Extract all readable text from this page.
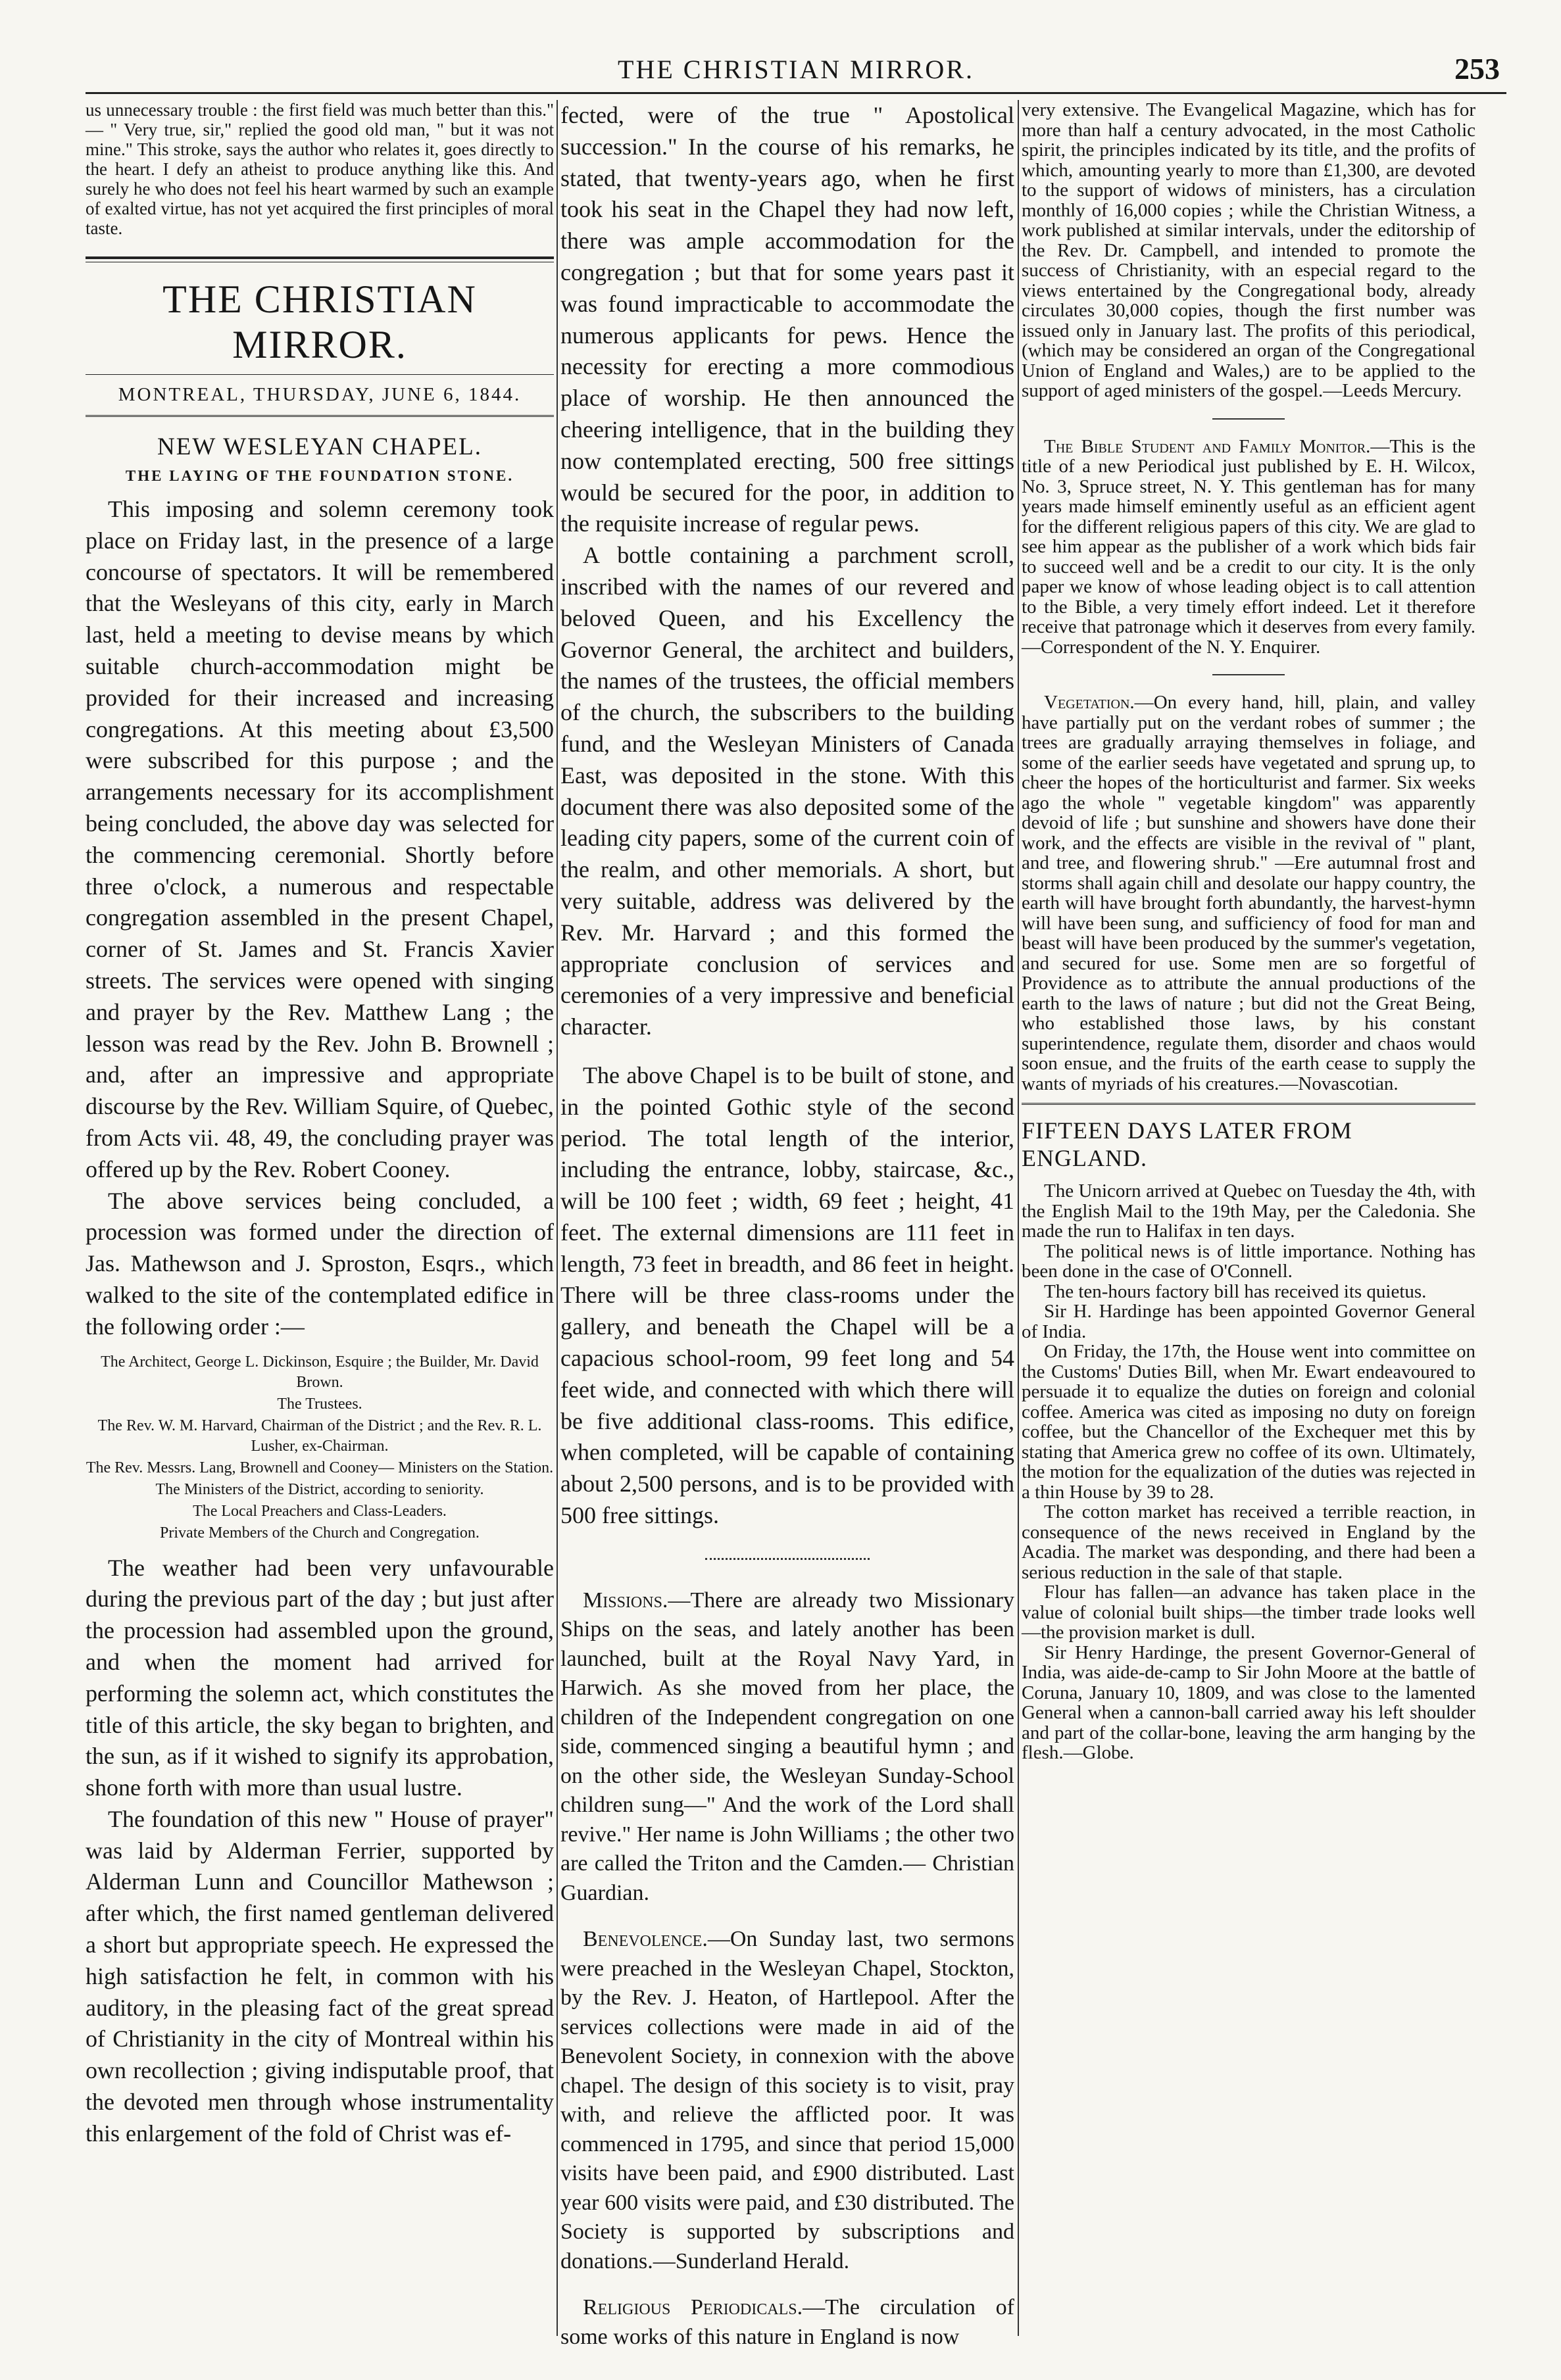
THE CHRISTIAN MIRROR.	253

us unnecessary trouble : the first field was much better than this." — " Very true, sir," replied the good old man, " but it was not mine." This stroke, says the author who relates it, goes directly to the heart. I defy an atheist to produce anything like this. And surely he who does not feel his heart warmed by such an example of exalted virtue, has not yet acquired the first principles of moral taste.

THE CHRISTIAN MIRROR.
MONTREAL, THURSDAY, JUNE 6, 1844.
NEW WESLEYAN CHAPEL.
THE LAYING OF THE FOUNDATION STONE.

This imposing and solemn ceremony took place on Friday last, in the presence of a large concourse of spectators. It will be remembered that the Wesleyans of this city, early in March last, held a meeting to devise means by which suitable church-accommodation might be provided for their increased and increasing congregations. At this meeting about £3,500 were subscribed for this purpose ; and the arrangements necessary for its accomplishment being concluded, the above day was selected for the commencing ceremonial. Shortly before three o'clock, a numerous and respectable congregation assembled in the present Chapel, corner of St. James and St. Francis Xavier streets. The services were opened with singing and prayer by the Rev. Matthew Lang ; the lesson was read by the Rev. John B. Brownell ; and, after an impressive and appropriate discourse by the Rev. William Squire, of Quebec, from Acts vii. 48, 49, the concluding prayer was offered up by the Rev. Robert Cooney.

The above services being concluded, a procession was formed under the direction of Jas. Mathewson and J. Sproston, Esqrs., which walked to the site of the contemplated edifice in the following order :—

The Architect, George L. Dickinson, Esquire ; the Builder, Mr. David Brown.
The Trustees.
The Rev. W. M. Harvard, Chairman of the District ; and the Rev. R. L. Lusher, ex-Chairman.
The Rev. Messrs. Lang, Brownell and Cooney— Ministers on the Station.
The Ministers of the District, according to seniority.
The Local Preachers and Class-Leaders.
Private Members of the Church and Congregation.

The weather had been very unfavourable during the previous part of the day ; but just after the procession had assembled upon the ground, and when the moment had arrived for performing the solemn act, which constitutes the title of this article, the sky began to brighten, and the sun, as if it wished to signify its approbation, shone forth with more than usual lustre.

The foundation of this new " House of prayer" was laid by Alderman Ferrier, supported by Alderman Lunn and Councillor Mathewson ; after which, the first named gentleman delivered a short but appropriate speech. He expressed the high satisfaction he felt, in common with his auditory, in the pleasing fact of the great spread of Christianity in the city of Montreal within his own recollection ; giving indisputable proof, that the devoted men through whose instrumentality this enlargement of the fold of Christ was ef-

fected, were of the true " Apostolical succession." In the course of his remarks, he stated, that twenty-years ago, when he first took his seat in the Chapel they had now left, there was ample accommodation for the congregation ; but that for some years past it was found impracticable to accommodate the numerous applicants for pews. Hence the necessity for erecting a more commodious place of worship. He then announced the cheering intelligence, that in the building they now contemplated erecting, 500 free sittings would be secured for the poor, in addition to the requisite increase of regular pews.

A bottle containing a parchment scroll, inscribed with the names of our revered and beloved Queen, and his Excellency the Governor General, the architect and builders, the names of the trustees, the official members of the church, the subscribers to the building fund, and the Wesleyan Ministers of Canada East, was deposited in the stone. With this document there was also deposited some of the leading city papers, some of the current coin of the realm, and other memorials. A short, but very suitable, address was delivered by the Rev. Mr. Harvard ; and this formed the appropriate conclusion of services and ceremonies of a very impressive and beneficial character.

The above Chapel is to be built of stone, and in the pointed Gothic style of the second period. The total length of the interior, including the entrance, lobby, staircase, &c., will be 100 feet ; width, 69 feet ; height, 41 feet. The external dimensions are 111 feet in length, 73 feet in breadth, and 86 feet in height. There will be three class-rooms under the gallery, and beneath the Chapel will be a capacious school-room, 99 feet long and 54 feet wide, and connected with which there will be five additional class-rooms. This edifice, when completed, will be capable of containing about 2,500 persons, and is to be provided with 500 free sittings.

Missions.—There are already two Missionary Ships on the seas, and lately another has been launched, built at the Royal Navy Yard, in Harwich. As she moved from her place, the children of the Independent congregation on one side, commenced singing a beautiful hymn ; and on the other side, the Wesleyan Sunday-School children sung—" And the work of the Lord shall revive." Her name is John Williams ; the other two are called the Triton and the Camden.— Christian Guardian.

Benevolence.—On Sunday last, two sermons were preached in the Wesleyan Chapel, Stockton, by the Rev. J. Heaton, of Hartlepool. After the services collections were made in aid of the Benevolent Society, in connexion with the above chapel. The design of this society is to visit, pray with, and relieve the afflicted poor. It was commenced in 1795, and since that period 15,000 visits have been paid, and £900 distributed. Last year 600 visits were paid, and £30 distributed. The Society is supported by subscriptions and donations.—Sunderland Herald.

Religious Periodicals.—The circulation of some works of this nature in England is now

very extensive. The Evangelical Magazine, which has for more than half a century advocated, in the most Catholic spirit, the principles indicated by its title, and the profits of which, amounting yearly to more than £1,300, are devoted to the support of widows of ministers, has a circulation monthly of 16,000 copies ; while the Christian Witness, a work published at similar intervals, under the editorship of the Rev. Dr. Campbell, and intended to promote the success of Christianity, with an especial regard to the views entertained by the Congregational body, already circulates 30,000 copies, though the first number was issued only in January last. The profits of this periodical, (which may be considered an organ of the Congregational Union of England and Wales,) are to be applied to the support of aged ministers of the gospel.—Leeds Mercury.

The Bible Student and Family Monitor.—This is the title of a new Periodical just published by E. H. Wilcox, No. 3, Spruce street, N. Y. This gentleman has for many years made himself eminently useful as an efficient agent for the different religious papers of this city. We are glad to see him appear as the publisher of a work which bids fair to succeed well and be a credit to our city. It is the only paper we know of whose leading object is to call attention to the Bible, a very timely effort indeed. Let it therefore receive that patronage which it deserves from every family.—Correspondent of the N. Y. Enquirer.

Vegetation.—On every hand, hill, plain, and valley have partially put on the verdant robes of summer ; the trees are gradually arraying themselves in foliage, and some of the earlier seeds have vegetated and sprung up, to cheer the hopes of the horticulturist and farmer. Six weeks ago the whole " vegetable kingdom" was apparently devoid of life ; but sunshine and showers have done their work, and the effects are visible in the revival of " plant, and tree, and flowering shrub." —Ere autumnal frost and storms shall again chill and desolate our happy country, the earth will have brought forth abundantly, the harvest-hymn will have been sung, and sufficiency of food for man and beast will have been produced by the summer's vegetation, and secured for use. Some men are so forgetful of Providence as to attribute the annual productions of the earth to the laws of nature ; but did not the Great Being, who established those laws, by his constant superintendence, regulate them, disorder and chaos would soon ensue, and the fruits of the earth cease to supply the wants of myriads of his creatures.—Novascotian.

FIFTEEN DAYS LATER FROM ENGLAND.

The Unicorn arrived at Quebec on Tuesday the 4th, with the English Mail to the 19th May, per the Caledonia. She made the run to Halifax in ten days.

The political news is of little importance. Nothing has been done in the case of O'Connell.

The ten-hours factory bill has received its quietus.

Sir H. Hardinge has been appointed Governor General of India.

On Friday, the 17th, the House went into committee on the Customs' Duties Bill, when Mr. Ewart endeavoured to persuade it to equalize the duties on foreign and colonial coffee. America was cited as imposing no duty on foreign coffee, but the Chancellor of the Exchequer met this by stating that America grew no coffee of its own. Ultimately, the motion for the equalization of the duties was rejected in a thin House by 39 to 28.

The cotton market has received a terrible reaction, in consequence of the news received in England by the Acadia. The market was desponding, and there had been a serious reduction in the sale of that staple.

Flour has fallen—an advance has taken place in the value of colonial built ships—the timber trade looks well—the provision market is dull.

Sir Henry Hardinge, the present Governor-General of India, was aide-de-camp to Sir John Moore at the battle of Coruna, January 10, 1809, and was close to the lamented General when a cannon-ball carried away his left shoulder and part of the collar-bone, leaving the arm hanging by the flesh.—Globe.
